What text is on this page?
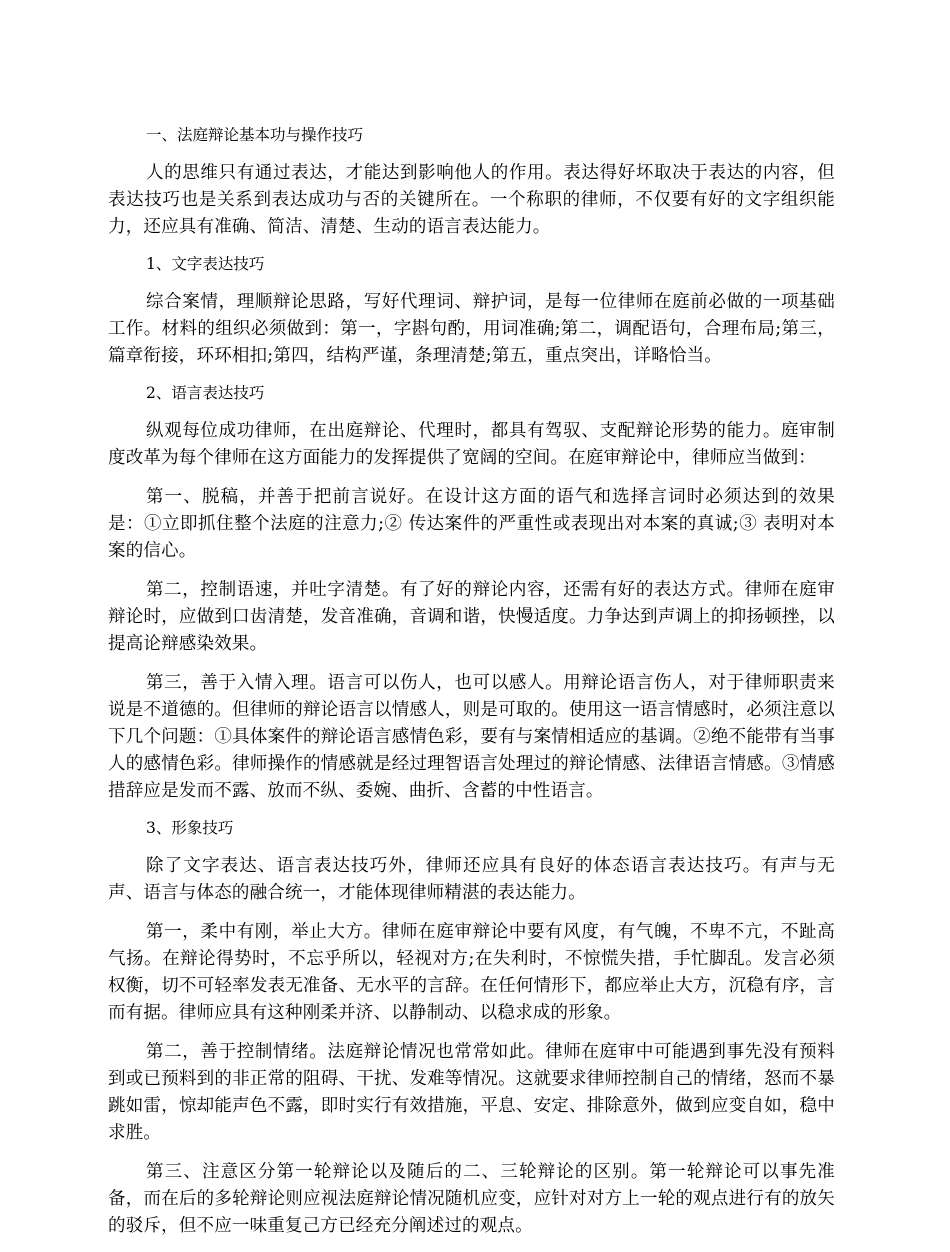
一、法庭辩论基本功与操作技巧
人的思维只有通过表达，才能达到影响他人的作用。表达得好坏取决于表达的内容，但表达技巧也是关系到表达成功与否的关键所在。一个称职的律师，不仅要有好的文字组织能力，还应具有准确、简洁、清楚、生动的语言表达能力。
1、文字表达技巧
综合案情，理顺辩论思路，写好代理词、辩护词，是每一位律师在庭前必做的一项基础工作。材料的组织必须做到：第一，字斟句酌，用词准确;第二，调配语句，合理布局;第三，篇章衔接，环环相扣;第四，结构严谨，条理清楚;第五，重点突出，详略恰当。
2、语言表达技巧
纵观每位成功律师，在出庭辩论、代理时，都具有驾驭、支配辩论形势的能力。庭审制度改革为每个律师在这方面能力的发挥提供了宽阔的空间。在庭审辩论中，律师应当做到：
第一、脱稿，并善于把前言说好。在设计这方面的语气和选择言词时必须达到的效果是：①立即抓住整个法庭的注意力;② 传达案件的严重性或表现出对本案的真诚;③ 表明对本案的信心。
第二，控制语速，并吐字清楚。有了好的辩论内容，还需有好的表达方式。律师在庭审辩论时，应做到口齿清楚，发音准确，音调和谐，快慢适度。力争达到声调上的抑扬顿挫，以提高论辩感染效果。
第三，善于入情入理。语言可以伤人，也可以感人。用辩论语言伤人，对于律师职责来说是不道德的。但律师的辩论语言以情感人，则是可取的。使用这一语言情感时，必须注意以下几个问题：①具体案件的辩论语言感情色彩，要有与案情相适应的基调。②绝不能带有当事人的感情色彩。律师操作的情感就是经过理智语言处理过的辩论情感、法律语言情感。③情感措辞应是发而不露、放而不纵、委婉、曲折、含蓄的中性语言。
3、形象技巧
除了文字表达、语言表达技巧外，律师还应具有良好的体态语言表达技巧。有声与无声、语言与体态的融合统一，才能体现律师精湛的表达能力。
第一，柔中有刚，举止大方。律师在庭审辩论中要有风度，有气魄，不卑不亢，不趾高气扬。在辩论得势时，不忘乎所以，轻视对方;在失利时，不惊慌失措，手忙脚乱。发言必须权衡，切不可轻率发表无准备、无水平的言辞。在任何情形下，都应举止大方，沉稳有序，言而有据。律师应具有这种刚柔并济、以静制动、以稳求成的形象。
第二，善于控制情绪。法庭辩论情况也常常如此。律师在庭审中可能遇到事先没有预料到或已预料到的非正常的阻碍、干扰、发难等情况。这就要求律师控制自己的情绪，怒而不暴跳如雷，惊却能声色不露，即时实行有效措施，平息、安定、排除意外，做到应变自如，稳中求胜。
第三、注意区分第一轮辩论以及随后的二、三轮辩论的区别。第一轮辩论可以事先准备，而在后的多轮辩论则应视法庭辩论情况随机应变，应针对对方上一轮的观点进行有的放矢的驳斥，但不应一味重复己方已经充分阐述过的观点。
